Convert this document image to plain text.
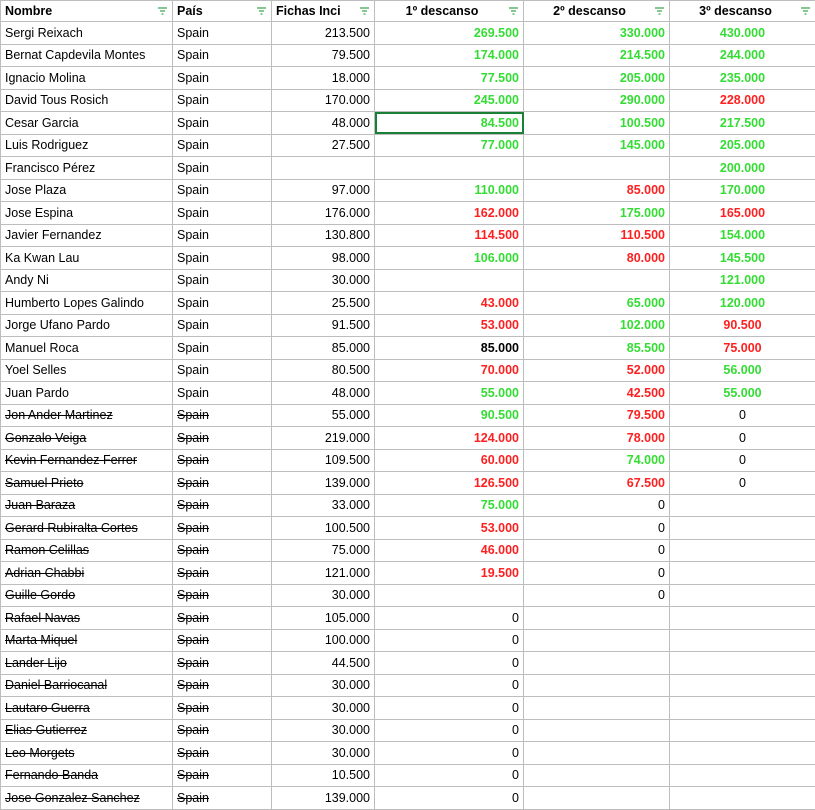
Nombre	País	Fichas Inci	1º descanso	2º descanso	3º descanso

Sergi Reixach	Spain	213.500	269.500	330.000	430.000
Bernat Capdevila Montes	Spain	79.500	174.000	214.500	244.000
Ignacio Molina	Spain	18.000	77.500	205.000	235.000
David Tous Rosich	Spain	170.000	245.000	290.000	228.000
Cesar Garcia	Spain	48.000	84.500	100.500	217.500
Luis Rodriguez	Spain	27.500	77.000	145.000	205.000
Francisco Pérez	Spain				200.000
Jose Plaza	Spain	97.000	110.000	85.000	170.000
Jose Espina	Spain	176.000	162.000	175.000	165.000
Javier Fernandez	Spain	130.800	114.500	110.500	154.000
Ka Kwan Lau	Spain	98.000	106.000	80.000	145.500
Andy Ni	Spain	30.000			121.000
Humberto Lopes Galindo	Spain	25.500	43.000	65.000	120.000
Jorge Ufano Pardo	Spain	91.500	53.000	102.000	90.500
Manuel Roca	Spain	85.000	85.000	85.500	75.000
Yoel Selles	Spain	80.500	70.000	52.000	56.000
Juan Pardo	Spain	48.000	55.000	42.500	55.000
Jon Ander Martinez	Spain	55.000	90.500	79.500	0
Gonzalo Veiga	Spain	219.000	124.000	78.000	0
Kevin Fernandez Ferrer	Spain	109.500	60.000	74.000	0
Samuel Prieto	Spain	139.000	126.500	67.500	0
Juan Baraza	Spain	33.000	75.000	0	
Gerard Rubiralta Cortes	Spain	100.500	53.000	0	
Ramon Celillas	Spain	75.000	46.000	0	
Adrian Chabbi	Spain	121.000	19.500	0	
Guille Gordo	Spain	30.000		0	
Rafael Navas	Spain	105.000	0		
Marta Miquel	Spain	100.000	0		
Lander Lijo	Spain	44.500	0		
Daniel Barriocanal	Spain	30.000	0		
Lautaro Guerra	Spain	30.000	0		
Elias Gutierrez	Spain	30.000	0		
Leo Morgets	Spain	30.000	0		
Fernando Banda	Spain	10.500	0		
Jose Gonzalez Sanchez	Spain	139.000	0		
